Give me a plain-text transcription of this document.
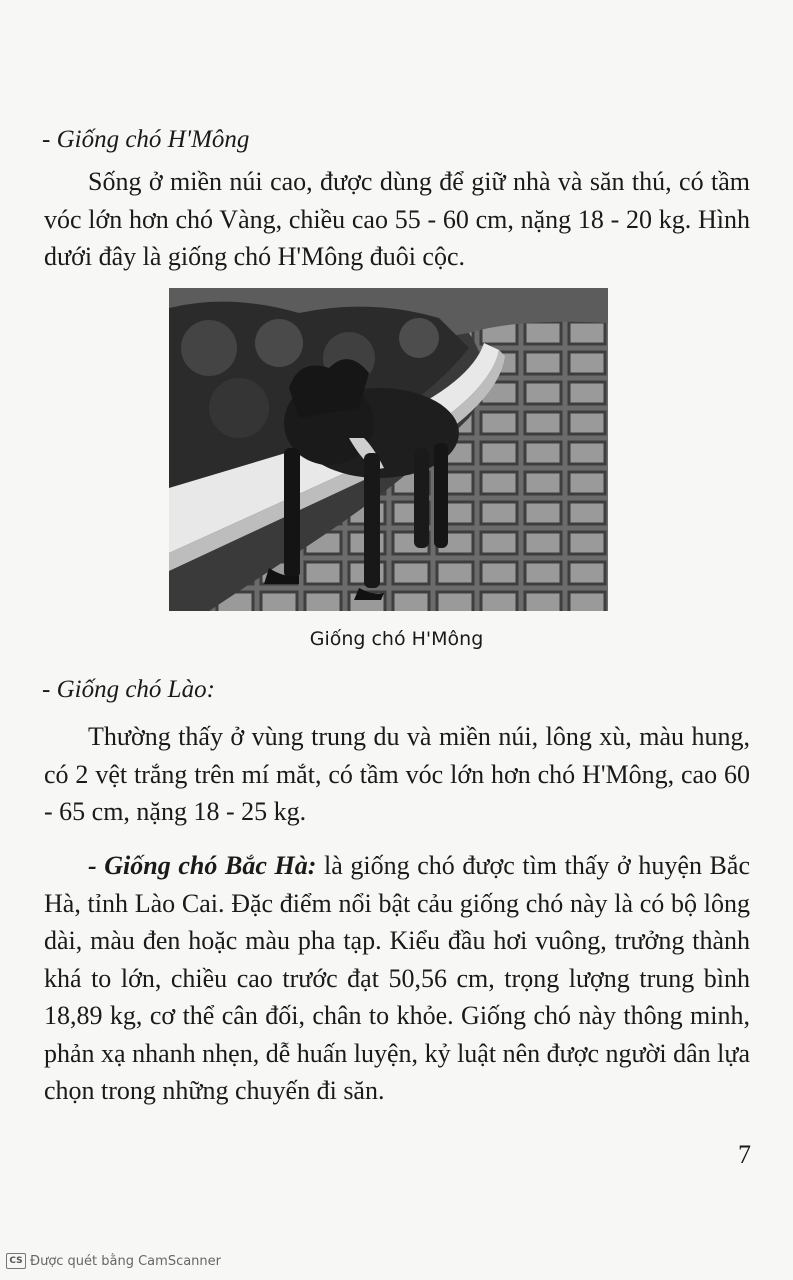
- Giống chó H'Mông

Sống ở miền núi cao, được dùng để giữ nhà và săn thú, có tầm vóc lớn hơn chó Vàng, chiều cao 55 - 60 cm, nặng 18 - 20 kg. Hình dưới đây là giống chó H'Mông đuôi cộc.

Giống chó H'Mông

- Giống chó Lào:

Thường thấy ở vùng trung du và miền núi, lông xù, màu hung, có 2 vệt trắng trên mí mắt, có tầm vóc lớn hơn chó H'Mông, cao 60 - 65 cm, nặng 18 - 25 kg.

- Giống chó Bắc Hà: là giống chó được tìm thấy ở huyện Bắc Hà, tỉnh Lào Cai. Đặc điểm nổi bật cảu giống chó này là có bộ lông dài, màu đen hoặc màu pha tạp. Kiểu đầu hơi vuông, trưởng thành khá to lớn, chiều cao trước đạt 50,56 cm, trọng lượng trung bình 18,89 kg, cơ thể cân đối, chân to khỏe. Giống chó này thông minh, phản xạ nhanh nhẹn, dễ huấn luyện, kỷ luật nên được người dân lựa chọn trong những chuyến đi săn.

7

CS Được quét bằng CamScanner
